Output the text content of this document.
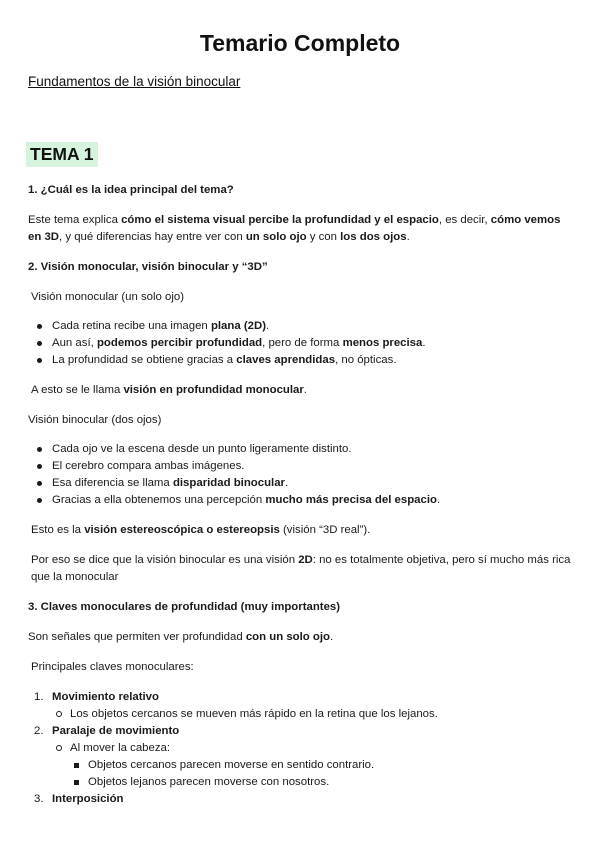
Temario Completo
Fundamentos de la visión binocular
TEMA 1

1. ¿Cuál es la idea principal del tema?

Este tema explica cómo el sistema visual percibe la profundidad y el espacio, es decir, cómo vemos en 3D, y qué diferencias hay entre ver con un solo ojo y con los dos ojos.

2. Visión monocular, visión binocular y “3D”

Visión monocular (un solo ojo)

Cada retina recibe una imagen plana (2D).
Aun así, podemos percibir profundidad, pero de forma menos precisa.
La profundidad se obtiene gracias a claves aprendidas, no ópticas.

A esto se le llama visión en profundidad monocular.

Visión binocular (dos ojos)

Cada ojo ve la escena desde un punto ligeramente distinto.
El cerebro compara ambas imágenes.
Esa diferencia se llama disparidad binocular.
Gracias a ella obtenemos una percepción mucho más precisa del espacio.

Esto es la visión estereoscópica o estereopsis (visión “3D real”).

Por eso se dice que la visión binocular es una visión 2D: no es totalmente objetiva, pero sí mucho más rica que la monocular

3. Claves monoculares de profundidad (muy importantes)

Son señales que permiten ver profundidad con un solo ojo.

Principales claves monoculares:

1. Movimiento relativo
Los objetos cercanos se mueven más rápido en la retina que los lejanos.
2. Paralaje de movimiento
Al mover la cabeza:
Objetos cercanos parecen moverse en sentido contrario.
Objetos lejanos parecen moverse con nosotros.
3. Interposición
